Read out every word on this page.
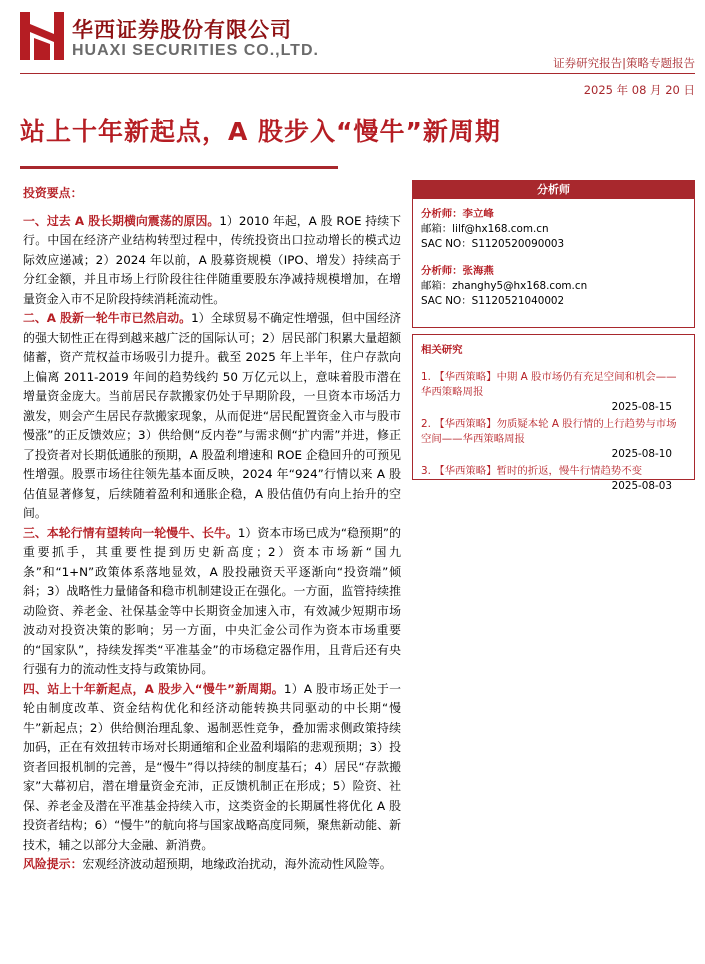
华西证券股份有限公司
HUAXI SECURITIES CO.,LTD.
证券研究报告|策略专题报告
2025 年 08 月 20 日
站上十年新起点，A 股步入“慢牛”新周期
投资要点：

一、过去 A 股长期横向震荡的原因。1）2010 年起，A 股 ROE 持续下行。中国在经济产业结构转型过程中，传统投资出口拉动增长的模式边际效应递减；2）2024 年以前，A 股募资规模（IPO、增发）持续高于分红金额，并且市场上行阶段往往伴随重要股东净减持规模增加，在增量资金入市不足阶段持续消耗流动性。

二、A 股新一轮牛市已然启动。1）全球贸易不确定性增强，但中国经济的强大韧性正在得到越来越广泛的国际认可；2）居民部门积累大量超额储蓄，资产荒权益市场吸引力提升。截至 2025 年上半年，住户存款向上偏离 2011-2019 年间的趋势线约 50 万亿元以上，意味着股市潜在增量资金庞大。当前居民存款搬家仍处于早期阶段，一旦资本市场活力激发，则会产生居民存款搬家现象，从而促进“居民配置资金入市与股市慢涨”的正反馈效应；3）供给侧“反内卷”与需求侧“扩内需”并进，修正了投资者对长期低通胀的预期，A 股盈利增速和 ROE 企稳回升的可预见性增强。股票市场往往领先基本面反映，2024 年“924”行情以来 A 股估值显著修复，后续随着盈利和通胀企稳，A 股估值仍有向上抬升的空间。

三、本轮行情有望转向一轮慢牛、长牛。1）资本市场已成为“稳预期”的重要抓手，其重要性提到历史新高度；2）资本市场新“国九条”和“1+N”政策体系落地显效，A 股投融资天平逐渐向“投资端”倾斜；3）战略性力量储备和稳市机制建设正在强化。一方面，监管持续推动险资、养老金、社保基金等中长期资金加速入市，有效减少短期市场波动对投资决策的影响；另一方面，中央汇金公司作为资本市场重要的“国家队”，持续发挥类“平准基金”的市场稳定器作用，且背后还有央行强有力的流动性支持与政策协同。

四、站上十年新起点，A 股步入“慢牛”新周期。1）A 股市场正处于一轮由制度改革、资金结构优化和经济动能转换共同驱动的中长期“慢牛”新起点；2）供给侧治理乱象、遏制恶性竞争，叠加需求侧政策持续加码，正在有效扭转市场对长期通缩和企业盈利塌陷的悲观预期；3）投资者回报机制的完善，是“慢牛”得以持续的制度基石；4）居民“存款搬家”大幕初启，潜在增量资金充沛，正反馈机制正在形成；5）险资、社保、养老金及潜在平准基金持续入市，这类资金的长期属性将优化 A 股投资者结构；6）“慢牛”的航向将与国家战略高度同频，聚焦新动能、新技术，辅之以部分大金融、新消费。

风险提示：宏观经济波动超预期，地缘政治扰动，海外流动性风险等。

分析师
分析师：李立峰
邮箱：lilf@hx168.com.cn
SAC NO：S1120520090003
分析师：张海燕
邮箱：zhanghy5@hx168.com.cn
SAC NO：S1120521040002
相关研究
1. 【华西策略】中期 A 股市场仍有充足空间和机会——华西策略周报
2025-08-15
2. 【华西策略】勿质疑本轮 A 股行情的上行趋势与市场空间——华西策略周报
2025-08-10
3. 【华西策略】暂时的折返，慢牛行情趋势不变
2025-08-03
